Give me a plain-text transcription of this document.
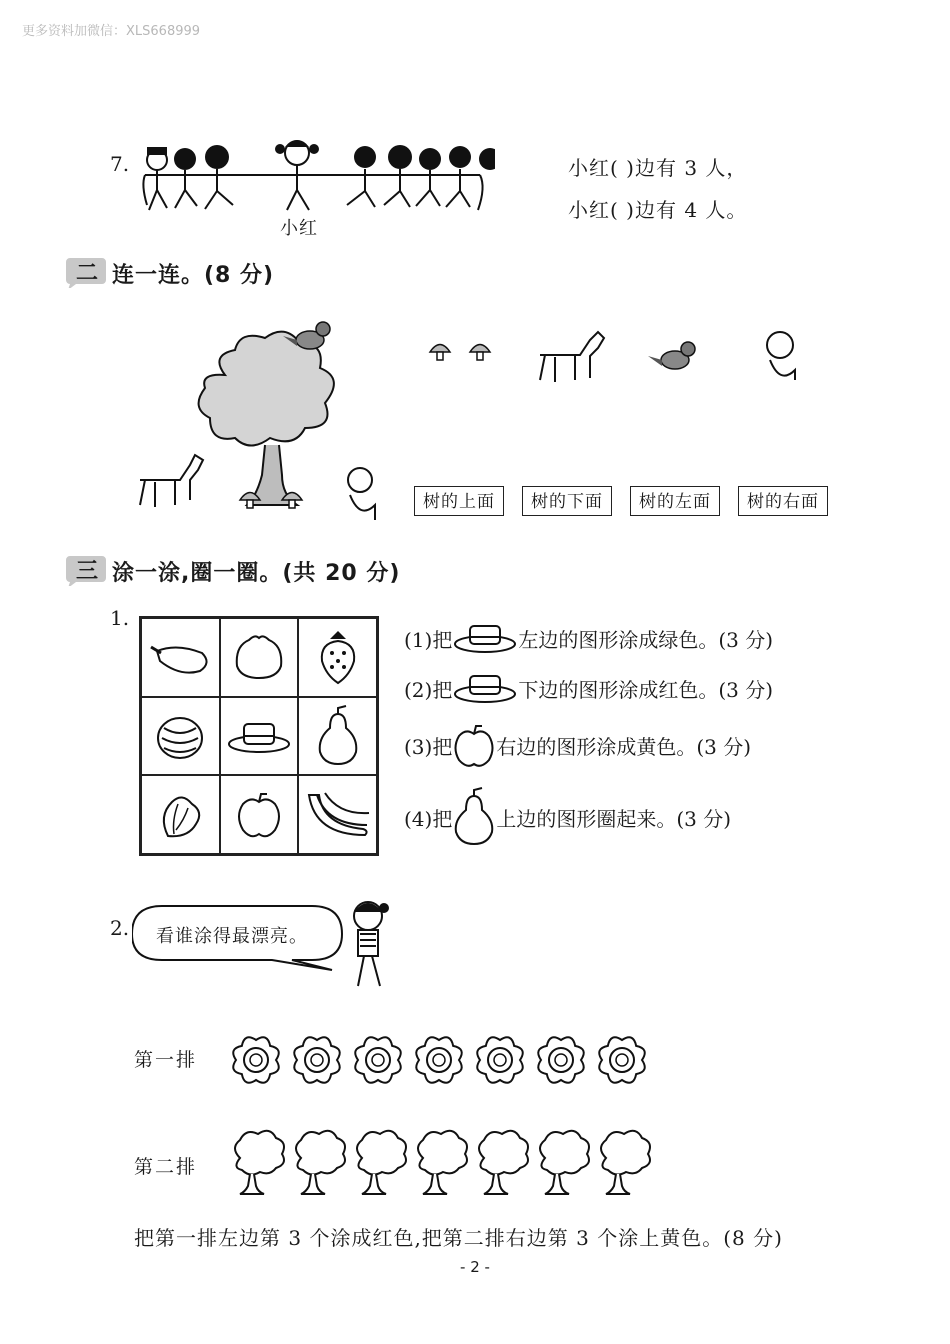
更多资料加微信：XLS668999
7.
小红
小红( )边有 3 人，
小红( )边有 4 人。
二 连一连。(8 分)
树的上面	树的下面	树的左面	树的右面
三 涂一涂,圈一圈。(共 20 分)
1.
(1)把	左边的图形涂成绿色。(3 分)
(2)把	下边的图形涂成红色。(3 分)
(3)把 右边的图形涂成黄色。(3 分)
(4)把 上边的图形圈起来。(3 分)
2. 看谁涂得最漂亮。
第一排
第二排
把第一排左边第 3 个涂成红色,把第二排右边第 3 个涂上黄色。(8 分)
- 2 -
